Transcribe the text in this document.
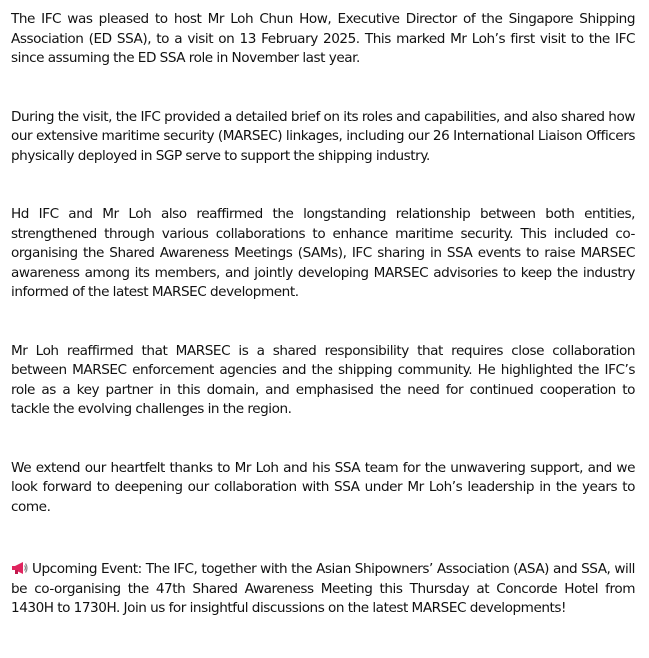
The IFC was pleased to host Mr Loh Chun How, Executive Director of the Singapore Shipping Association (ED SSA), to a visit on 13 February 2025. This marked Mr Loh’s first visit to the IFC since assuming the ED SSA role in November last year.

During the visit, the IFC provided a detailed brief on its roles and capabilities, and also shared how our extensive maritime security (MARSEC) linkages, including our 26 International Liaison Officers physically deployed in SGP serve to support the shipping industry.

Hd IFC and Mr Loh also reaffirmed the longstanding relationship between both entities, strengthened through various collaborations to enhance maritime security. This included co-organising the Shared Awareness Meetings (SAMs), IFC sharing in SSA events to raise MARSEC awareness among its members, and jointly developing MARSEC advisories to keep the industry informed of the latest MARSEC development.

Mr Loh reaffirmed that MARSEC is a shared responsibility that requires close collaboration between MARSEC enforcement agencies and the shipping community. He highlighted the IFC’s role as a key partner in this domain, and emphasised the need for continued cooperation to tackle the evolving challenges in the region.

We extend our heartfelt thanks to Mr Loh and his SSA team for the unwavering support, and we look forward to deepening our collaboration with SSA under Mr Loh’s leadership in the years to come.

Upcoming Event: The IFC, together with the Asian Shipowners’ Association (ASA) and SSA, will be co-organising the 47th Shared Awareness Meeting this Thursday at Concorde Hotel from 1430H to 1730H. Join us for insightful discussions on the latest MARSEC developments!
